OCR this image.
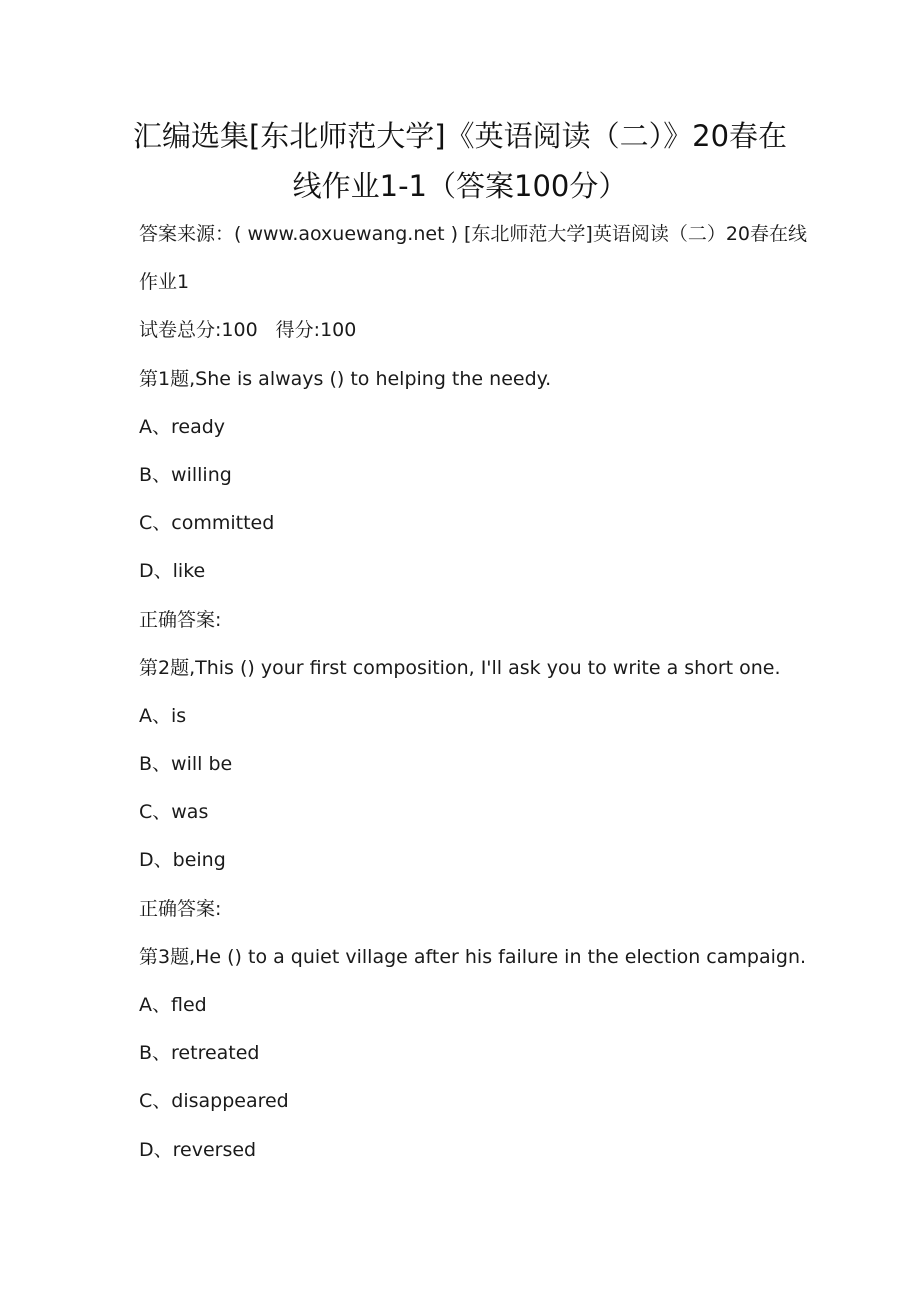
汇编选集[东北师范大学]《英语阅读（二）》20春在
线作业1-1（答案100分）

答案来源：( www.aoxuewang.net ) [东北师范大学]英语阅读（二）20春在线

作业1

试卷总分:100 得分:100

第1题,She is always () to helping the needy.

A、ready

B、willing

C、committed

D、like

正确答案:

第2题,This () your first composition, I'll ask you to write a short one.

A、is

B、will be

C、was

D、being

正确答案:

第3题,He () to a quiet village after his failure in the election campaign.

A、fled

B、retreated

C、disappeared

D、reversed
